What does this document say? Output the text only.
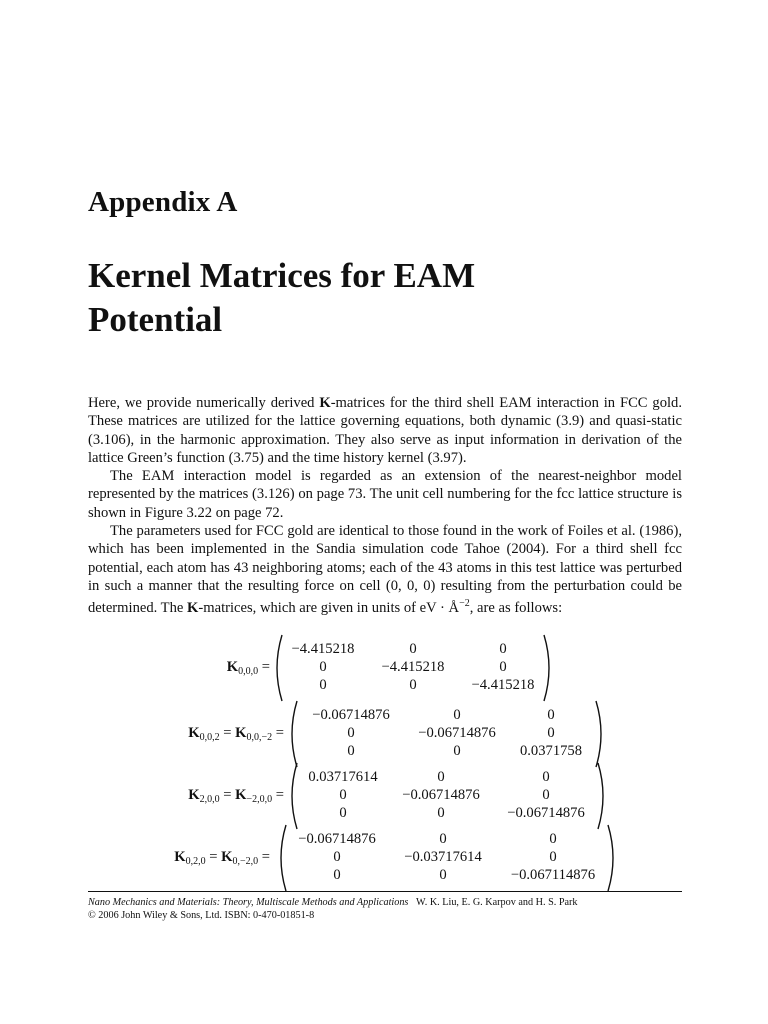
Appendix A
Kernel Matrices for EAM
Potential

Here, we provide numerically derived K-matrices for the third shell EAM interaction in FCC gold. These matrices are utilized for the lattice governing equations, both dynamic (3.9) and quasi-static (3.106), in the harmonic approximation. They also serve as input information in derivation of the lattice Green’s function (3.75) and the time history kernel (3.97).

The EAM interaction model is regarded as an extension of the nearest-neighbor model represented by the matrices (3.126) on page 73. The unit cell numbering for the fcc lattice structure is shown in Figure 3.22 on page 72.

The parameters used for FCC gold are identical to those found in the work of Foiles et al. (1986), which has been implemented in the Sandia simulation code Tahoe (2004). For a third shell fcc potential, each atom has 43 neighboring atoms; each of the 43 atoms in this test lattice was perturbed in such a manner that the resulting force on cell (0, 0, 0) resulting from the perturbation could be determined. The K-matrices, which are given in units of eV · $Å^{-2}$, are as follows:

$K_{0,0,0}$ =
−4.415218	0	0
0	−4.415218	0
0	0	−4.415218
$K_{0,0,2} = K_{0,0,-2}$ =
−0.06714876	0	0
0	−0.06714876	0
0	0	0.0371758
$K_{2,0,0} = K_{-2,0,0}$ =
0.03717614	0	0
0	−0.06714876	0
0	0	−0.06714876
$K_{0,2,0} = K_{0,-2,0}$ =
−0.06714876	0	0
0	−0.03717614	0
0	0	−0.067114876
Nano Mechanics and Materials: Theory, Multiscale Methods and Applications W. K. Liu, E. G. Karpov and H. S. Park
© 2006 John Wiley & Sons, Ltd. ISBN: 0-470-01851-8
